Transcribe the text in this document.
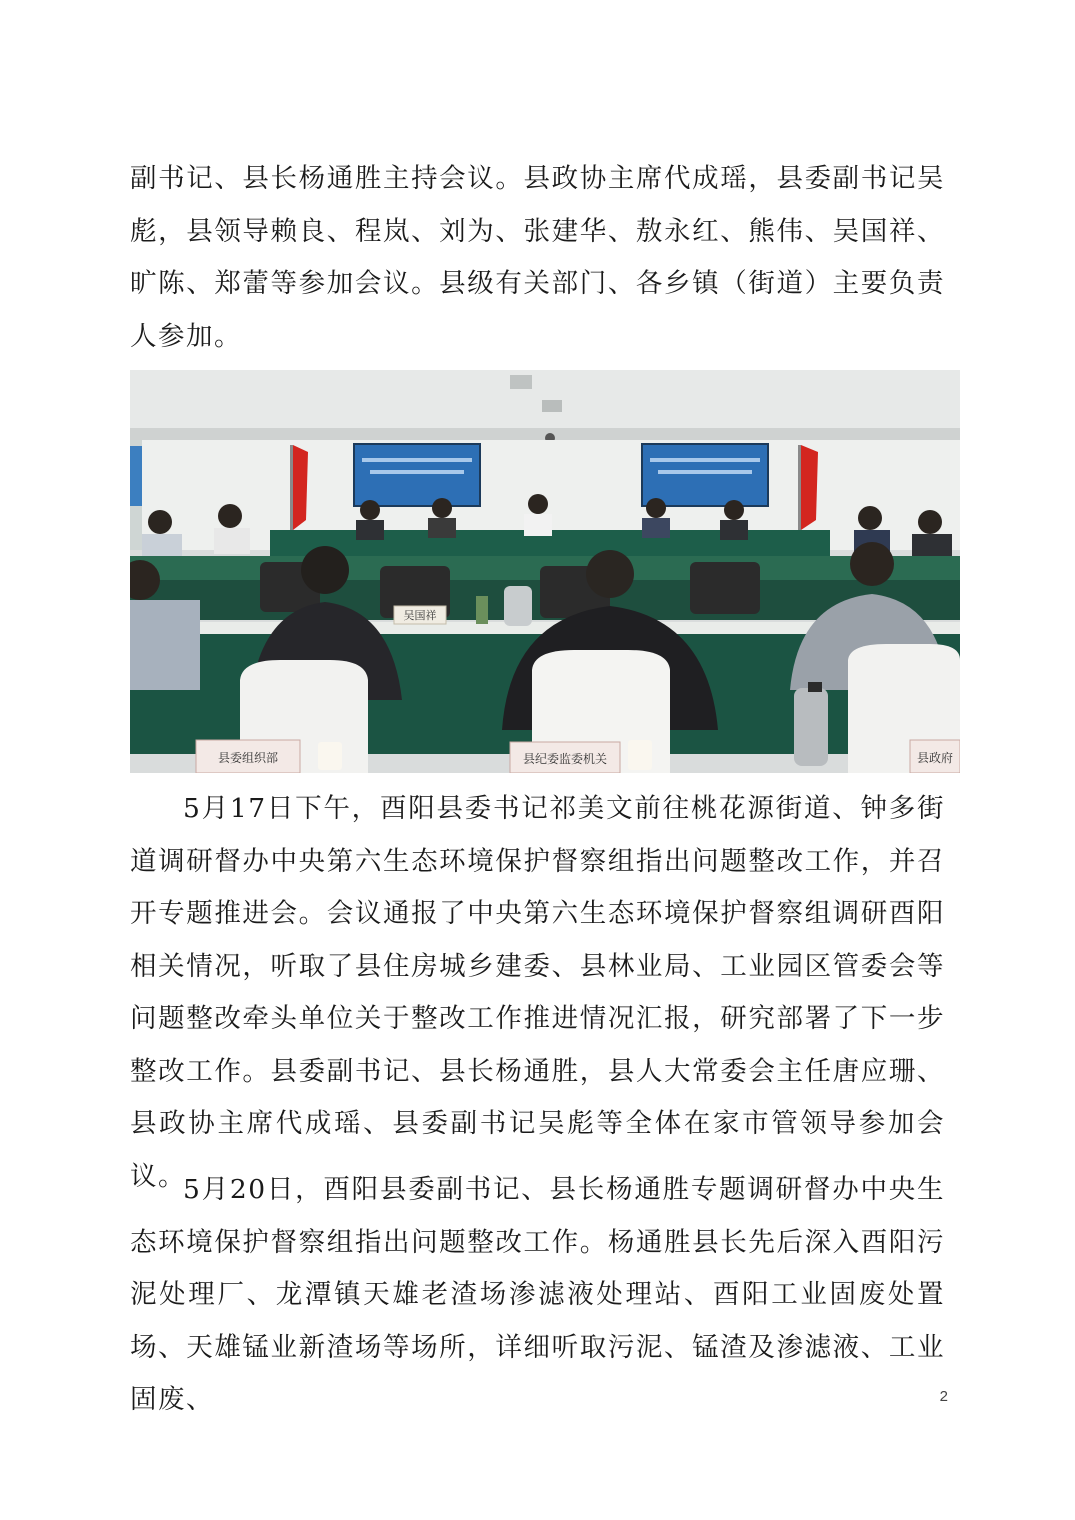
副书记、县长杨通胜主持会议。县政协主席代成瑶，县委副书记吴彪，县领导赖良、程岚、刘为、张建华、敖永红、熊伟、吴国祥、旷陈、郑蕾等参加会议。县级有关部门、各乡镇（街道）主要负责人参加。

吴国祥
县委组织部	县纪委监委机关	县政府

5月17日下午，酉阳县委书记祁美文前往桃花源街道、钟多街道调研督办中央第六生态环境保护督察组指出问题整改工作，并召开专题推进会。会议通报了中央第六生态环境保护督察组调研酉阳相关情况，听取了县住房城乡建委、县林业局、工业园区管委会等问题整改牵头单位关于整改工作推进情况汇报，研究部署了下一步整改工作。县委副书记、县长杨通胜，县人大常委会主任唐应珊、县政协主席代成瑶、县委副书记吴彪等全体在家市管领导参加会议。

5月20日，酉阳县委副书记、县长杨通胜专题调研督办中央生态环境保护督察组指出问题整改工作。杨通胜县长先后深入酉阳污泥处理厂、龙潭镇天雄老渣场渗滤液处理站、酉阳工业固废处置场、天雄锰业新渣场等场所，详细听取污泥、锰渣及渗滤液、工业固废、	2
